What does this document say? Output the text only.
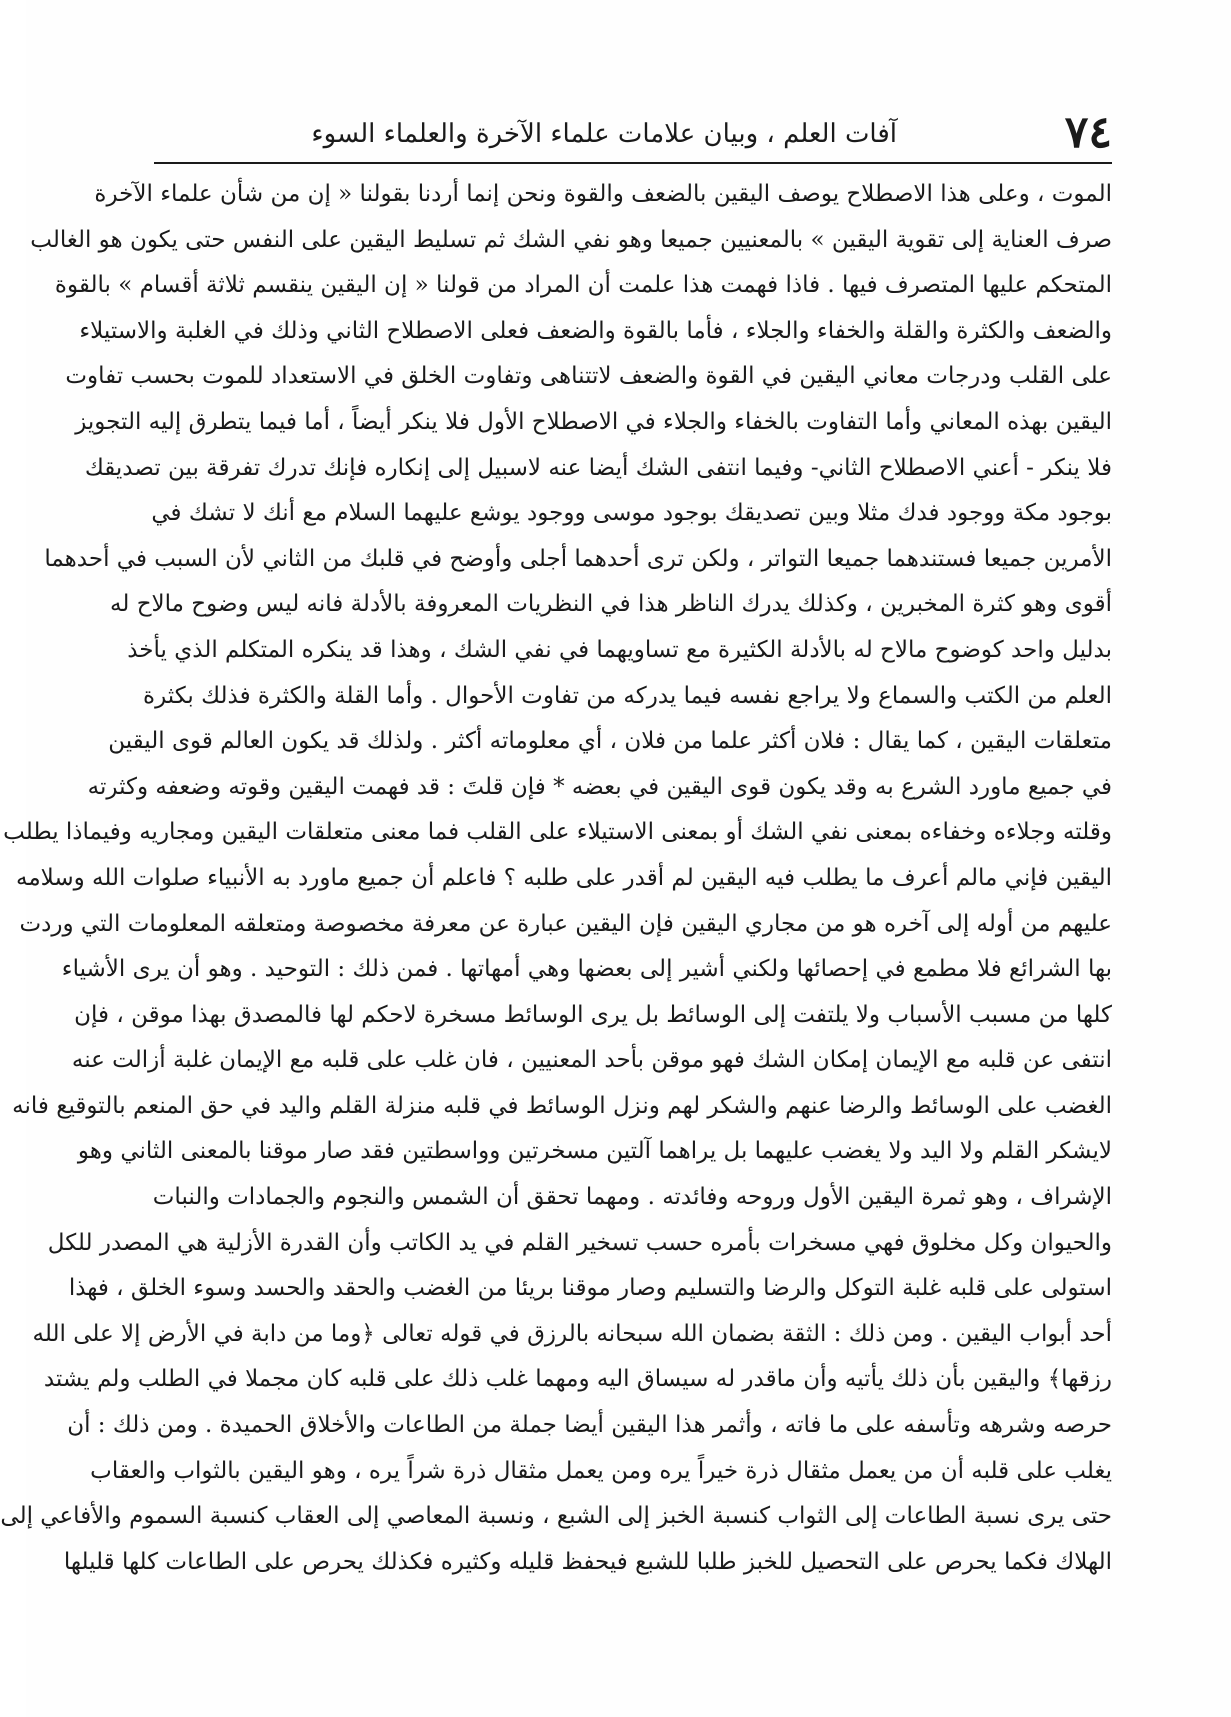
٧٤
آفات العلم ، وبيان علامات علماء الآخرة والعلماء السوء
الموت ، وعلى هذا الاصطلاح يوصف اليقين بالضعف والقوة ونحن إنما أردنا بقولنا « إن من شأن علماء الآخرة
صرف العناية إلى تقوية اليقين » بالمعنيين جميعا وهو نفي الشك ثم تسليط اليقين على النفس حتى يكون هو الغالب
المتحكم عليها المتصرف فيها . فاذا فهمت هذا علمت أن المراد من قولنا « إن اليقين ينقسم ثلاثة أقسام » بالقوة
والضعف والكثرة والقلة والخفاء والجلاء ، فأما بالقوة والضعف فعلى الاصطلاح الثاني وذلك في الغلبة والاستيلاء
على القلب ودرجات معاني اليقين في القوة والضعف لاتتناهى وتفاوت الخلق في الاستعداد للموت بحسب تفاوت
اليقين بهذه المعاني وأما التفاوت بالخفاء والجلاء في الاصطلاح الأول فلا ينكر أيضاً ، أما فيما يتطرق إليه التجويز
فلا ينكر - أعني الاصطلاح الثاني- وفيما انتفى الشك أيضا عنه لاسبيل إلى إنكاره فإنك تدرك تفرقة بين تصديقك
بوجود مكة ووجود فدك مثلا وبين تصديقك بوجود موسى ووجود يوشع عليهما السلام مع أنك لا تشك في
الأمرين جميعا فستندهما جميعا التواتر ، ولكن ترى أحدهما أجلى وأوضح في قلبك من الثاني لأن السبب في أحدهما
أقوى وهو كثرة المخبرين ، وكذلك يدرك الناظر هذا في النظريات المعروفة بالأدلة فانه ليس وضوح مالاح له
بدليل واحد كوضوح مالاح له بالأدلة الكثيرة مع تساويهما في نفي الشك ، وهذا قد ينكره المتكلم الذي يأخذ
العلم من الكتب والسماع ولا يراجع نفسه فيما يدركه من تفاوت الأحوال . وأما القلة والكثرة فذلك بكثرة
متعلقات اليقين ، كما يقال : فلان أكثر علما من فلان ، أي معلوماته أكثر . ولذلك قد يكون العالم قوى اليقين
في جميع ماورد الشرع به وقد يكون قوى اليقين في بعضه * فإن قلتَ : قد فهمت اليقين وقوته وضعفه وكثرته
وقلته وجلاءه وخفاءه بمعنى نفي الشك أو بمعنى الاستيلاء على القلب فما معنى متعلقات اليقين ومجاريه وفيماذا يطلب
اليقين فإني مالم أعرف ما يطلب فيه اليقين لم أقدر على طلبه ؟ فاعلم أن جميع ماورد به الأنبياء صلوات الله وسلامه
عليهم من أوله إلى آخره هو من مجاري اليقين فإن اليقين عبارة عن معرفة مخصوصة ومتعلقه المعلومات التي وردت
بها الشرائع فلا مطمع في إحصائها ولكني أشير إلى بعضها وهي أمهاتها . فمن ذلك : التوحيد . وهو أن يرى الأشياء
كلها من مسبب الأسباب ولا يلتفت إلى الوسائط بل يرى الوسائط مسخرة لاحكم لها فالمصدق بهذا موقن ، فإن
انتفى عن قلبه مع الإيمان إمكان الشك فهو موقن بأحد المعنيين ، فان غلب على قلبه مع الإيمان غلبة أزالت عنه
الغضب على الوسائط والرضا عنهم والشكر لهم ونزل الوسائط في قلبه منزلة القلم واليد في حق المنعم بالتوقيع فانه
لايشكر القلم ولا اليد ولا يغضب عليهما بل يراهما آلتين مسخرتين وواسطتين فقد صار موقنا بالمعنى الثاني وهو
الإشراف ، وهو ثمرة اليقين الأول وروحه وفائدته . ومهما تحقق أن الشمس والنجوم والجمادات والنبات
والحيوان وكل مخلوق فهي مسخرات بأمره حسب تسخير القلم في يد الكاتب وأن القدرة الأزلية هي المصدر للكل
استولى على قلبه غلبة التوكل والرضا والتسليم وصار موقنا بريئا من الغضب والحقد والحسد وسوء الخلق ، فهذا
أحد أبواب اليقين . ومن ذلك : الثقة بضمان الله سبحانه بالرزق في قوله تعالى ﴿وما من دابة في الأرض إلا على الله
رزقها﴾ واليقين بأن ذلك يأتيه وأن ماقدر له سيساق اليه ومهما غلب ذلك على قلبه كان مجملا في الطلب ولم يشتد
حرصه وشرهه وتأسفه على ما فاته ، وأثمر هذا اليقين أيضا جملة من الطاعات والأخلاق الحميدة . ومن ذلك : أن
يغلب على قلبه أن من يعمل مثقال ذرة خيراً يره ومن يعمل مثقال ذرة شراً يره ، وهو اليقين بالثواب والعقاب
حتى يرى نسبة الطاعات إلى الثواب كنسبة الخبز إلى الشبع ، ونسبة المعاصي إلى العقاب كنسبة السموم والأفاعي إلى
الهلاك فكما يحرص على التحصيل للخبز طلبا للشبع فيحفظ قليله وكثيره فكذلك يحرص على الطاعات كلها قليلها
